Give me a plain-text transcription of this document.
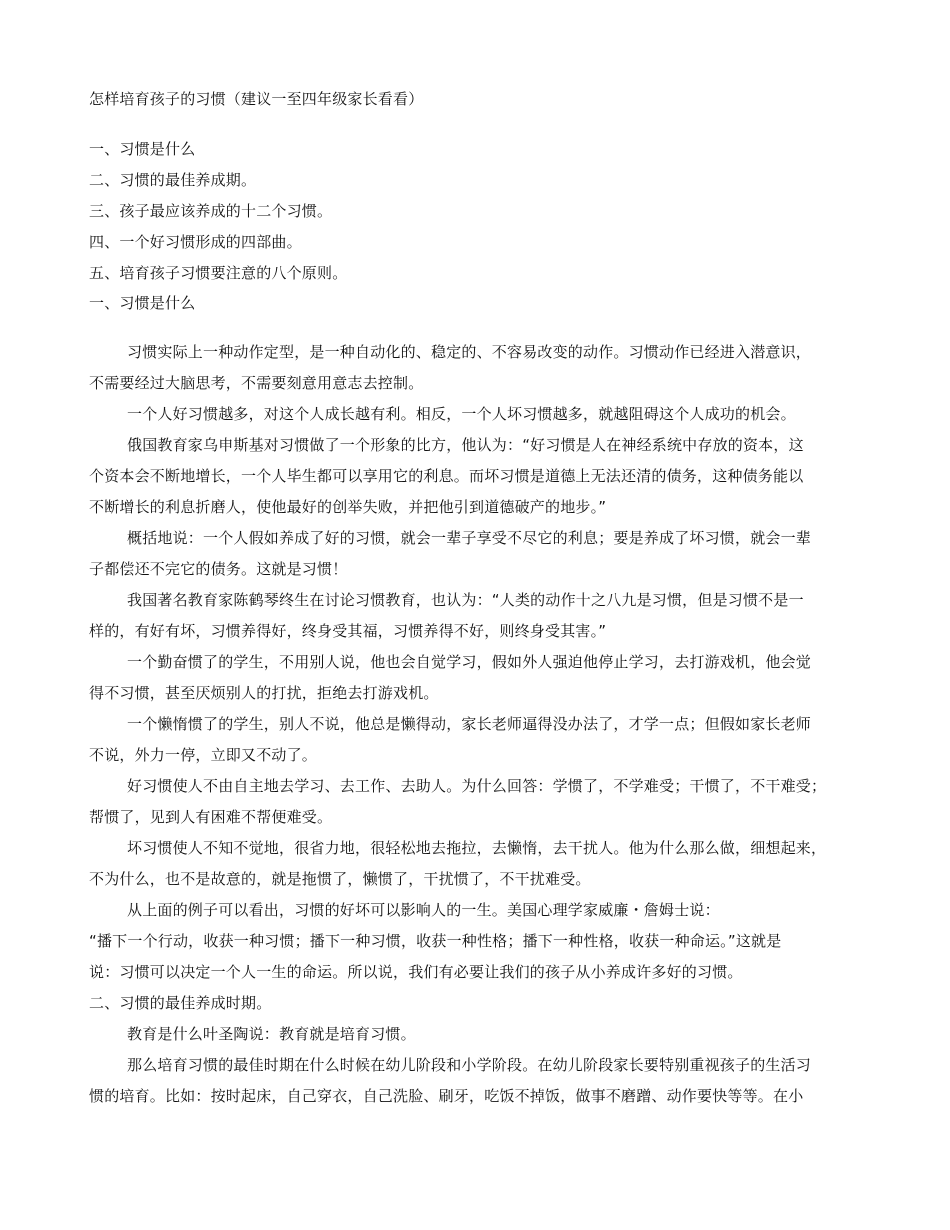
怎样培育孩子的习惯（建议一至四年级家长看看）
一、习惯是什么
二、习惯的最佳养成期。
三、孩子最应该养成的十二个习惯。
四、一个好习惯形成的四部曲。
五、培育孩子习惯要注意的八个原则。
一、习惯是什么
习惯实际上一种动作定型，是一种自动化的、稳定的、不容易改变的动作。习惯动作已经进入潜意识，
不需要经过大脑思考，不需要刻意用意志去控制。
一个人好习惯越多，对这个人成长越有利。相反，一个人坏习惯越多，就越阻碍这个人成功的机会。
俄国教育家乌申斯基对习惯做了一个形象的比方，他认为：“好习惯是人在神经系统中存放的资本，这
个资本会不断地增长，一个人毕生都可以享用它的利息。而坏习惯是道德上无法还清的债务，这种债务能以
不断增长的利息折磨人，使他最好的创举失败，并把他引到道德破产的地步。”
概括地说：一个人假如养成了好的习惯，就会一辈子享受不尽它的利息；要是养成了坏习惯，就会一辈
子都偿还不完它的债务。这就是习惯！
我国著名教育家陈鹤琴终生在讨论习惯教育，也认为：“人类的动作十之八九是习惯，但是习惯不是一
样的，有好有坏，习惯养得好，终身受其福，习惯养得不好，则终身受其害。”
一个勤奋惯了的学生，不用别人说，他也会自觉学习，假如外人强迫他停止学习，去打游戏机，他会觉
得不习惯，甚至厌烦别人的打扰，拒绝去打游戏机。
一个懒惰惯了的学生，别人不说，他总是懒得动，家长老师逼得没办法了，才学一点；但假如家长老师
不说，外力一停，立即又不动了。
好习惯使人不由自主地去学习、去工作、去助人。为什么回答：学惯了，不学难受；干惯了，不干难受；
帮惯了，见到人有困难不帮便难受。
坏习惯使人不知不觉地，很省力地，很轻松地去拖拉，去懒惰，去干扰人。他为什么那么做，细想起来，
不为什么，也不是故意的，就是拖惯了，懒惯了，干扰惯了，不干扰难受。
从上面的例子可以看出，习惯的好坏可以影响人的一生。美国心理学家威廉・詹姆士说：
“播下一个行动，收获一种习惯；播下一种习惯，收获一种性格；播下一种性格，收获一种命运。”这就是
说：习惯可以决定一个人一生的命运。所以说，我们有必要让我们的孩子从小养成许多好的习惯。
二、习惯的最佳养成时期。
教育是什么叶圣陶说：教育就是培育习惯。
那么培育习惯的最佳时期在什么时候在幼儿阶段和小学阶段。在幼儿阶段家长要特别重视孩子的生活习
惯的培育。比如：按时起床，自己穿衣，自己洗脸、刷牙，吃饭不掉饭，做事不磨蹭、动作要快等等。在小
